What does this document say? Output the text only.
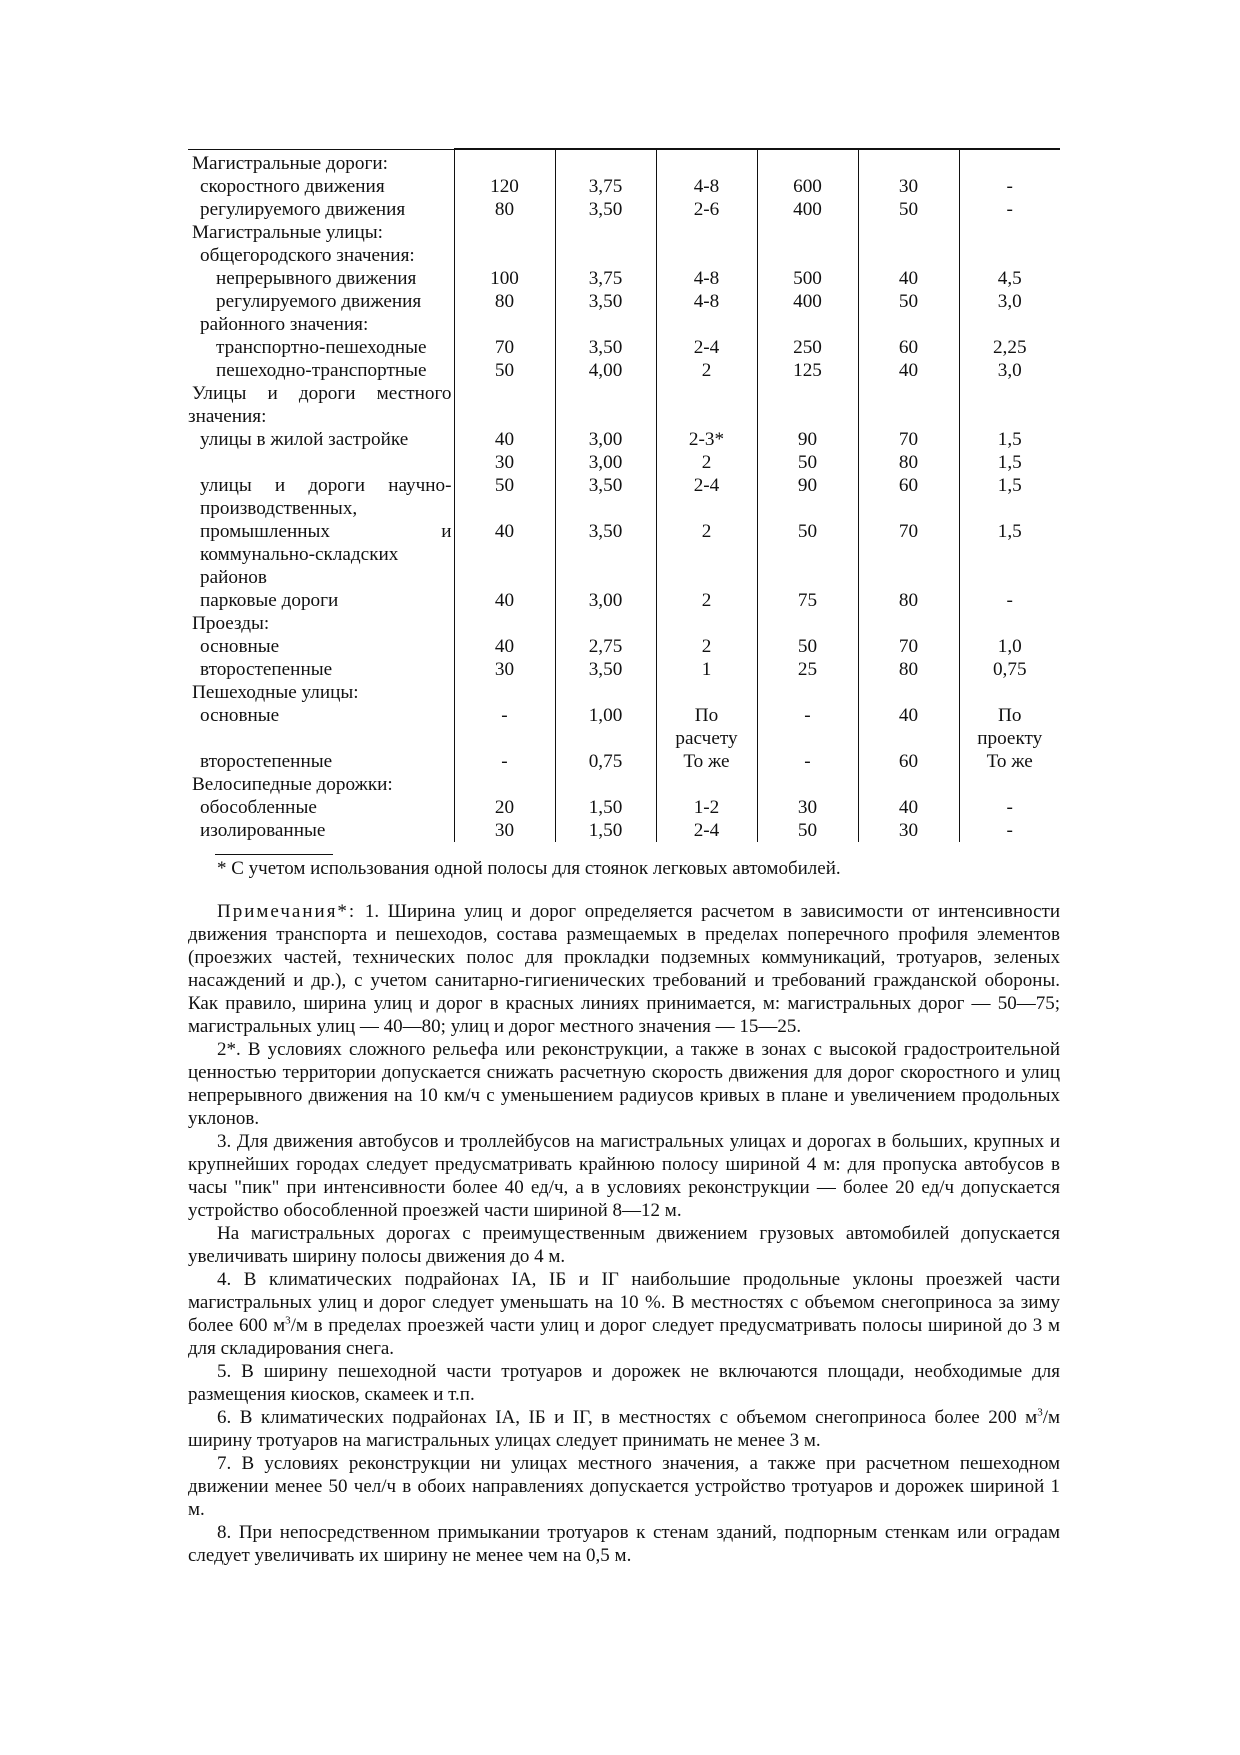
Магистральные дороги:						
скоростного движения	120	3,75	4-8	600	30	-
регулируемого движения	80	3,50	2-6	400	50	-
Магистральные улицы:						
общегородского значения:						
непрерывного движения	100	3,75	4-8	500	40	4,5
регулируемого движения	80	3,50	4-8	400	50	3,0
районного значения:						
транспортно-пешеходные	70	3,50	2-4	250	60	2,25
пешеходно-транспортные	50	4,00	2	125	40	3,0
Улицы и дороги местного						
значения:						
улицы в жилой застройке	40	3,00	2-3*	90	70	1,5
	30	3,00	2	50	80	1,5
улицы и дороги научно-	50	3,50	2-4	90	60	1,5
производственных,						
промышленных и	40	3,50	2	50	70	1,5
коммунально-складских						
районов						
парковые дороги	40	3,00	2	75	80	-
Проезды:						
основные	40	2,75	2	50	70	1,0
второстепенные	30	3,50	1	25	80	0,75
Пешеходные улицы:						
основные	-	1,00	По	-	40	По
			расчету			проекту
второстепенные	-	0,75	То же	-	60	То же
Велосипедные дорожки:						
обособленные	20	1,50	1-2	30	40	-
изолированные	30	1,50	2-4	50	30	-
* С учетом использования одной полосы для стоянок легковых автомобилей.

Примечания*: 1. Ширина улиц и дорог определяется расчетом в зависимости от интенсивности движения транспорта и пешеходов, состава размещаемых в пределах поперечного профиля элементов (проезжих частей, технических полос для прокладки подземных коммуникаций, тротуаров, зеленых насаждений и др.), с учетом санитарно-гигиенических требований и требований гражданской обороны. Как правило, ширина улиц и дорог в красных линиях принимается, м: магистральных дорог — 50—75; магистральных улиц — 40—80; улиц и дорог местного значения — 15—25.

2*. В условиях сложного рельефа или реконструкции, а также в зонах с высокой градостроительной ценностью территории допускается снижать расчетную скорость движения для дорог скоростного и улиц непрерывного движения на 10 км/ч с уменьшением радиусов кривых в плане и увеличением продольных уклонов.

3. Для движения автобусов и троллейбусов на магистральных улицах и дорогах в больших, крупных и крупнейших городах следует предусматривать крайнюю полосу шириной 4 м: для пропуска автобусов в часы "пик" при интенсивности более 40 ед/ч, а в условиях реконструкции — более 20 ед/ч допускается устройство обособленной проезжей части шириной 8—12 м.

На магистральных дорогах с преимущественным движением грузовых автомобилей допускается увеличивать ширину полосы движения до 4 м.

4. В климатических подрайонах IА, IБ и IГ наибольшие продольные уклоны проезжей части магистральных улиц и дорог следует уменьшать на 10 %. В местностях с объемом снегоприноса за зиму более 600 $м^3/м$ в пределах проезжей части улиц и дорог следует предусматривать полосы шириной до 3 м для складирования снега.

5. В ширину пешеходной части тротуаров и дорожек не включаются площади, необходимые для размещения киосков, скамеек и т.п.

6. В климатических подрайонах IА, IБ и IГ, в местностях с объемом снегоприноса более 200 $м^3/м$ ширину тротуаров на магистральных улицах следует принимать не менее 3 м.

7. В условиях реконструкции ни улицах местного значения, а также при расчетном пешеходном движении менее 50 чел/ч в обоих направлениях допускается устройство тротуаров и дорожек шириной 1 м.

8. При непосредственном примыкании тротуаров к стенам зданий, подпорным стенкам или оградам следует увеличивать их ширину не менее чем на 0,5 м.
